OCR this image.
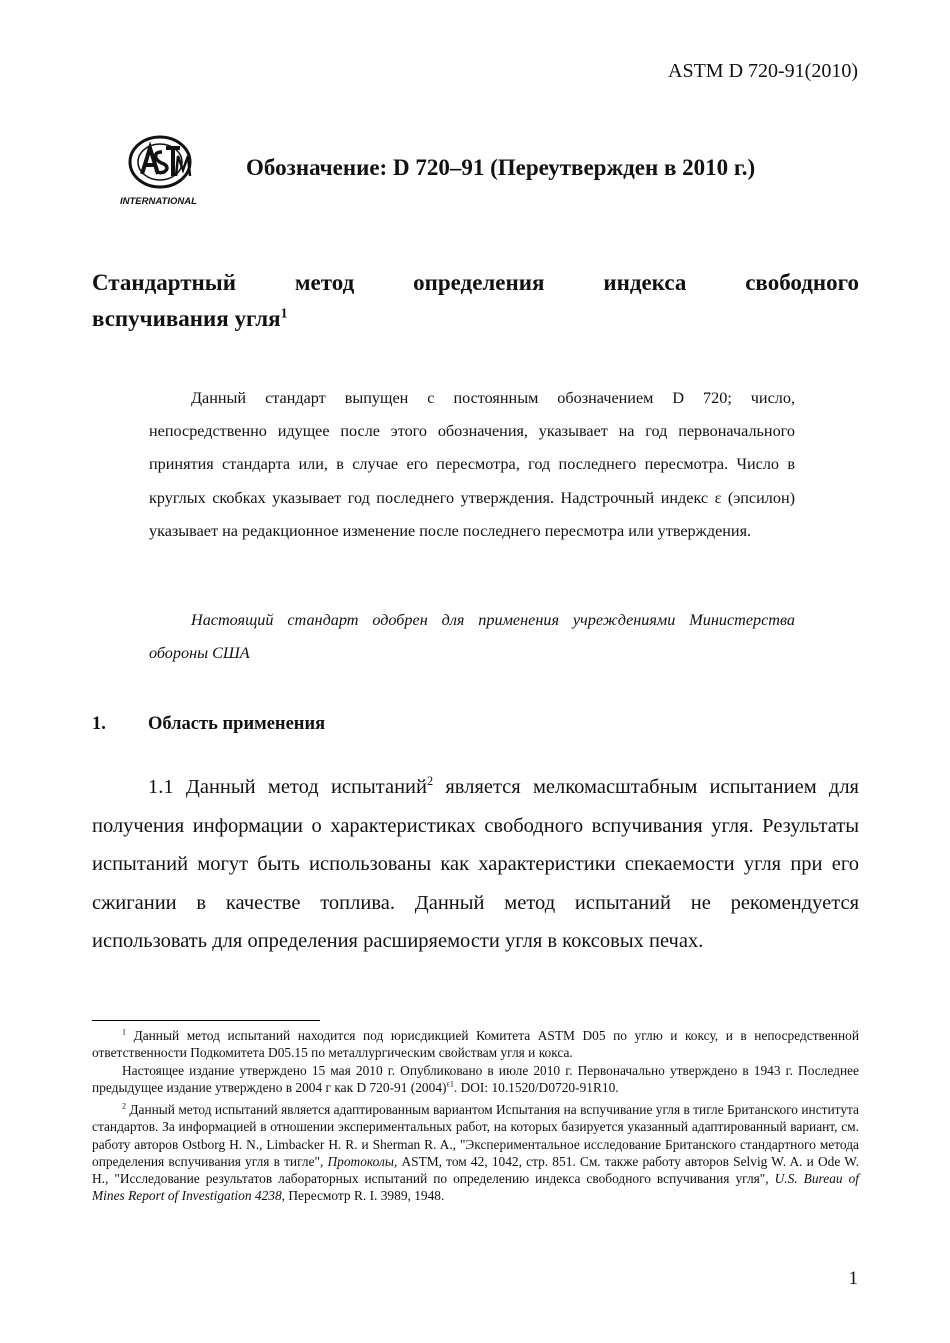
ASTM D 720-91(2010)
INTERNATIONAL
Обозначение: D 720–91 (Переутвержден в 2010 г.)
Стандартный метод определения индекса свободного
вспучивания угля$^1$
Данный стандарт выпущен с постоянным обозначением D 720; число, непосредственно идущее после этого обозначения, указывает на год первоначального принятия стандарта или, в случае его пересмотра, год последнего пересмотра. Число в круглых скобках указывает год последнего утверждения. Надстрочный индекс ε (эпсилон) указывает на редакционное изменение после последнего пересмотра или утверждения.
Настоящий стандарт одобрен для применения учреждениями Министерства обороны США
1. Область применения
1.1 Данный метод испытаний$^2$ является мелкомасштабным испытанием для получения информации о характеристиках свободного вспучивания угля. Результаты испытаний могут быть использованы как характеристики спекаемости угля при его сжигании в качестве топлива. Данный метод испытаний не рекомендуется использовать для определения расширяемости угля в коксовых печах.
$^1$ Данный метод испытаний находится под юрисдикцией Комитета ASTM D05 по углю и коксу, и в непосредственной ответственности Подкомитета D05.15 по металлургическим свойствам угля и кокса.
Настоящее издание утверждено 15 мая 2010 г. Опубликовано в июле 2010 г. Первоначально утверждено в 1943 г. Последнее предыдущее издание утверждено в 2004 г как D 720-91 $(2004)^{\varepsilon 1}$. DOI: 10.1520/D0720-91R10.
$^2$ Данный метод испытаний является адаптированным вариантом Испытания на вспучивание угля в тигле Британского института стандартов. За информацией в отношении экспериментальных работ, на которых базируется указанный адаптированный вариант, см. работу авторов Ostborg H. N., Limbacker H. R. и Sherman R. A., "Экспериментальное исследование Британского стандартного метода определения вспучивания угля в тигле", Протоколы, ASTM, том 42, 1042, стр. 851. См. также работу авторов Selvig W. A. и Ode W. H., "Исследование результатов лабораторных испытаний по определению индекса свободного вспучивания угля", U.S. Bureau of Mines Report of Investigation 4238, Пересмотр R. I. 3989, 1948.
1
